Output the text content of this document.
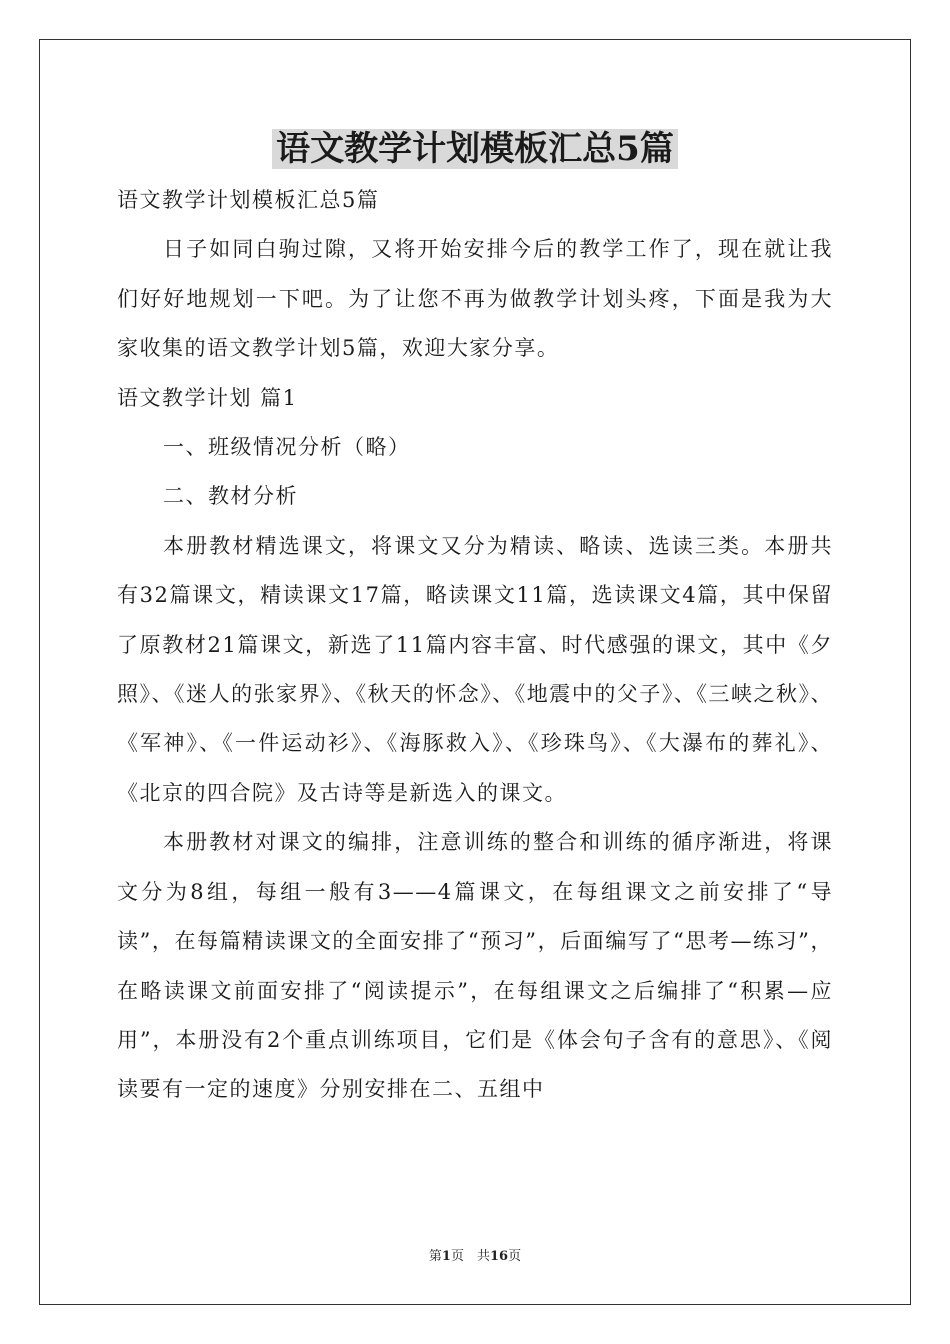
语文教学计划模板汇总5篇

语文教学计划模板汇总5篇

日子如同白驹过隙，又将开始安排今后的教学工作了，现在就让我们好好地规划一下吧。为了让您不再为做教学计划头疼，下面是我为大家收集的语文教学计划5篇，欢迎大家分享。

语文教学计划 篇1

一、班级情况分析（略）

二、教材分析

本册教材精选课文，将课文又分为精读、略读、选读三类。本册共有32篇课文，精读课文17篇，略读课文11篇，选读课文4篇，其中保留了原教材21篇课文，新选了11篇内容丰富、时代感强的课文，其中《夕照》、《迷人的张家界》、《秋天的怀念》、《地震中的父子》、《三峡之秋》、《军神》、《一件运动衫》、《海豚救入》、《珍珠鸟》、《大瀑布的葬礼》、《北京的四合院》及古诗等是新选入的课文。

本册教材对课文的编排，注意训练的整合和训练的循序渐进，将课文分为8组，每组一般有3——4篇课文，在每组课文之前安排了“导读”，在每篇精读课文的全面安排了“预习”，后面编写了“思考—练习”，在略读课文前面安排了“阅读提示”，在每组课文之后编排了“积累—应用”，本册没有2个重点训练项目，它们是《体会句子含有的意思》、《阅读要有一定的速度》分别安排在二、五组中

第1页　共16页
